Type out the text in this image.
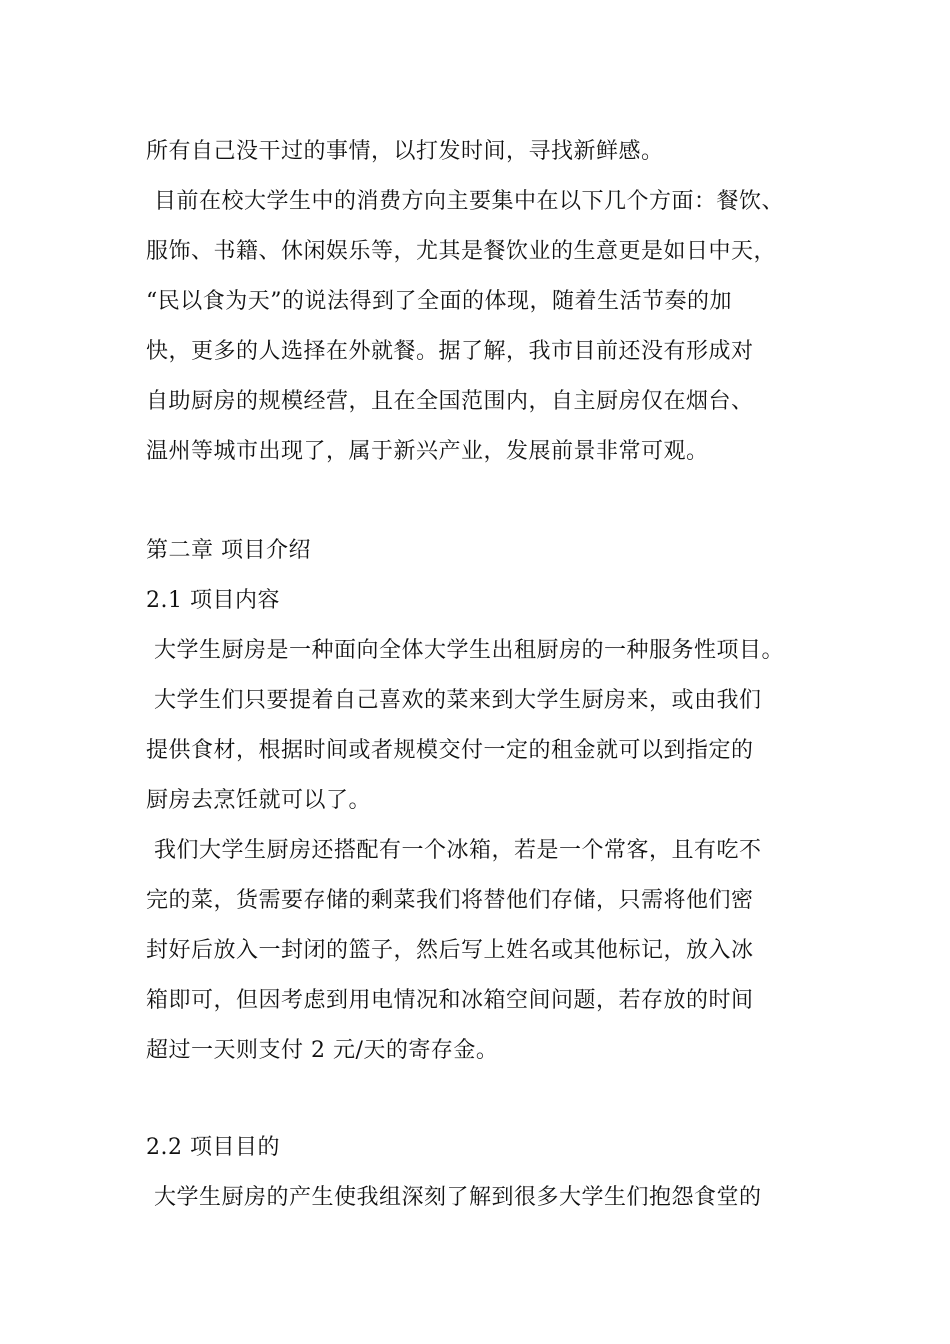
所有自己没干过的事情，以打发时间，寻找新鲜感。
目前在校大学生中的消费方向主要集中在以下几个方面：餐饮、
服饰、书籍、休闲娱乐等，尤其是餐饮业的生意更是如日中天，
“民以食为天”的说法得到了全面的体现，随着生活节奏的加
快，更多的人选择在外就餐。据了解，我市目前还没有形成对
自助厨房的规模经营，且在全国范围内，自主厨房仅在烟台、
温州等城市出现了，属于新兴产业，发展前景非常可观。
第二章 项目介绍
2.1 项目内容
大学生厨房是一种面向全体大学生出租厨房的一种服务性项目。
大学生们只要提着自己喜欢的菜来到大学生厨房来，或由我们
提供食材，根据时间或者规模交付一定的租金就可以到指定的
厨房去烹饪就可以了。
我们大学生厨房还搭配有一个冰箱，若是一个常客，且有吃不
完的菜，货需要存储的剩菜我们将替他们存储，只需将他们密
封好后放入一封闭的篮子，然后写上姓名或其他标记，放入冰
箱即可，但因考虑到用电情况和冰箱空间问题，若存放的时间
超过一天则支付 2 元/天的寄存金。
2.2 项目目的
大学生厨房的产生使我组深刻了解到很多大学生们抱怨食堂的
